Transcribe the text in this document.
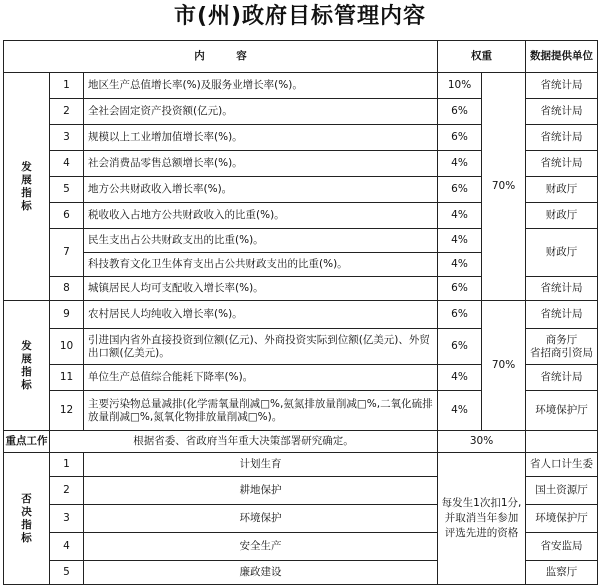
市(州)政府目标管理内容
内　　　容			权重		数据提供单位

发展指标	1	地区生产总值增长率(%)及服务业增长率(%)。	10%	70%	省统计局
	2	全社会固定资产投资额(亿元)。	6%		省统计局
	3	规模以上工业增加值增长率(%)。	6%		省统计局
	4	社会消费品零售总额增长率(%)。	4%		省统计局
	5	地方公共财政收入增长率(%)。	6%		财政厅
	6	税收收入占地方公共财政收入的比重(%)。	4%		财政厅
	7	民生支出占公共财政支出的比重(%)。	4%		财政厅
		科技教育文化卫生体育支出占公共财政支出的比重(%)。	4%		
	8	城镇居民人均可支配收入增长率(%)。	6%		省统计局

发展指标	9	农村居民人均纯收入增长率(%)。	6%	70%	省统计局
	10	引进国内省外直接投资到位额(亿元)、外商投资实际到位额(亿美元)、外贸出口额(亿美元)。	6%		商务厅
省招商引资局
	11	单位生产总值综合能耗下降率(%)。	4%		省统计局
	12	主要污染物总量减排(化学需氧量削减□%,氨氮排放量削减□%,二氧化硫排放量削减□%,氮氧化物排放量削减□%)。	4%		环境保护厅
重点工作	根据省委、省政府当年重大决策部署研究确定。		30%		

否决指标	1	计划生育	每发生1次扣1分,并取消当年参加评选先进的资格		省人口计生委
	2	耕地保护			国土资源厅
	3	环境保护			环境保护厅
	4	安全生产			省安监局
	5	廉政建设			监察厅
